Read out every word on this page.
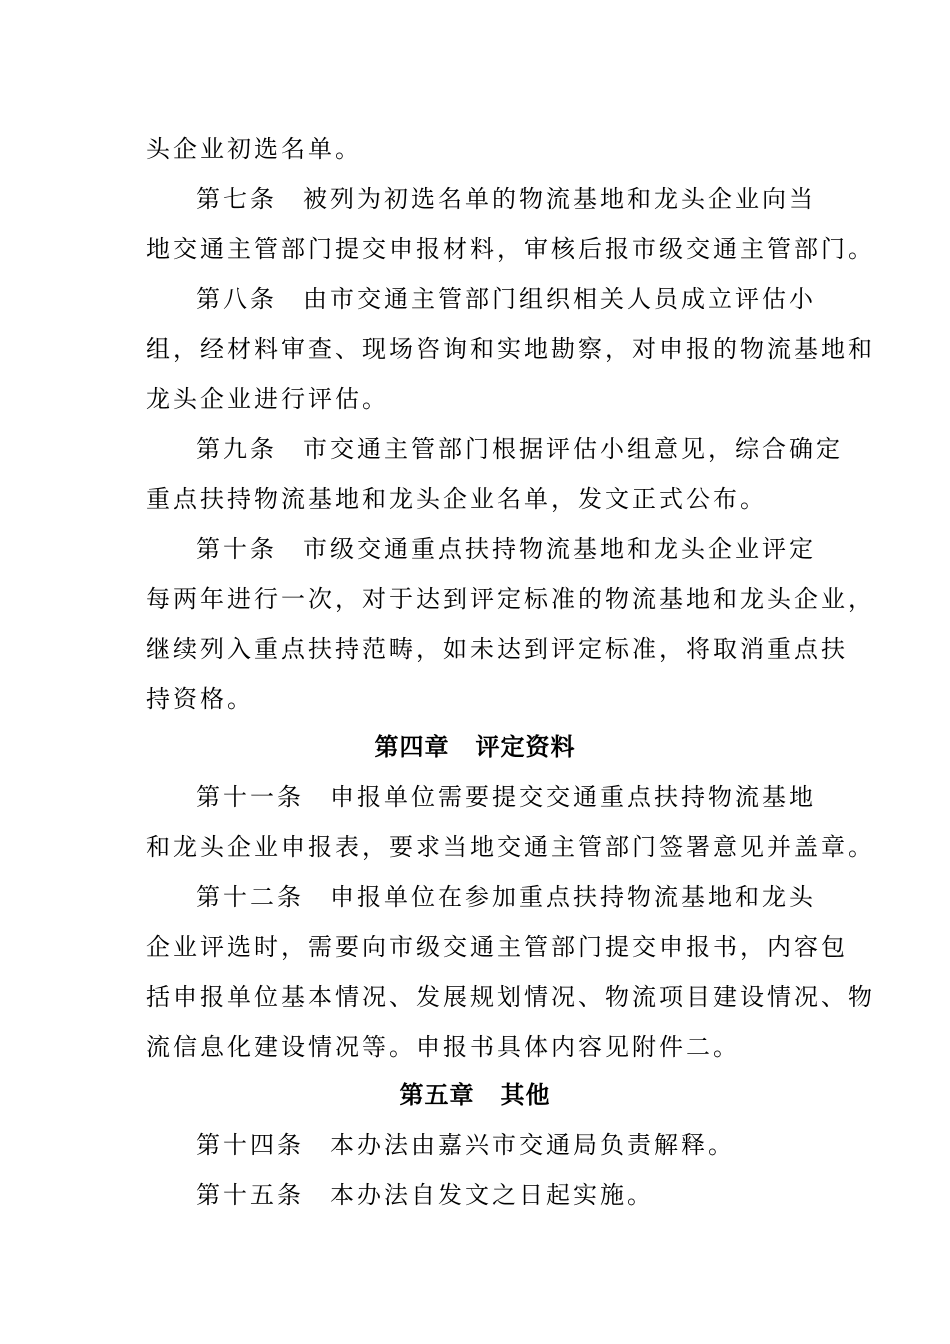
头企业初选名单。
第七条 被列为初选名单的物流基地和龙头企业向当
地交通主管部门提交申报材料，审核后报市级交通主管部门。
第八条 由市交通主管部门组织相关人员成立评估小
组，经材料审查、现场咨询和实地勘察，对申报的物流基地和
龙头企业进行评估。
第九条 市交通主管部门根据评估小组意见，综合确定
重点扶持物流基地和龙头企业名单，发文正式公布。
第十条 市级交通重点扶持物流基地和龙头企业评定
每两年进行一次，对于达到评定标准的物流基地和龙头企业，
继续列入重点扶持范畴，如未达到评定标准，将取消重点扶
持资格。
第四章 评定资料
第十一条 申报单位需要提交交通重点扶持物流基地
和龙头企业申报表，要求当地交通主管部门签署意见并盖章。
第十二条 申报单位在参加重点扶持物流基地和龙头
企业评选时，需要向市级交通主管部门提交申报书，内容包
括申报单位基本情况、发展规划情况、物流项目建设情况、物
流信息化建设情况等。申报书具体内容见附件二。
第五章 其他
第十四条 本办法由嘉兴市交通局负责解释。
第十五条 本办法自发文之日起实施。
